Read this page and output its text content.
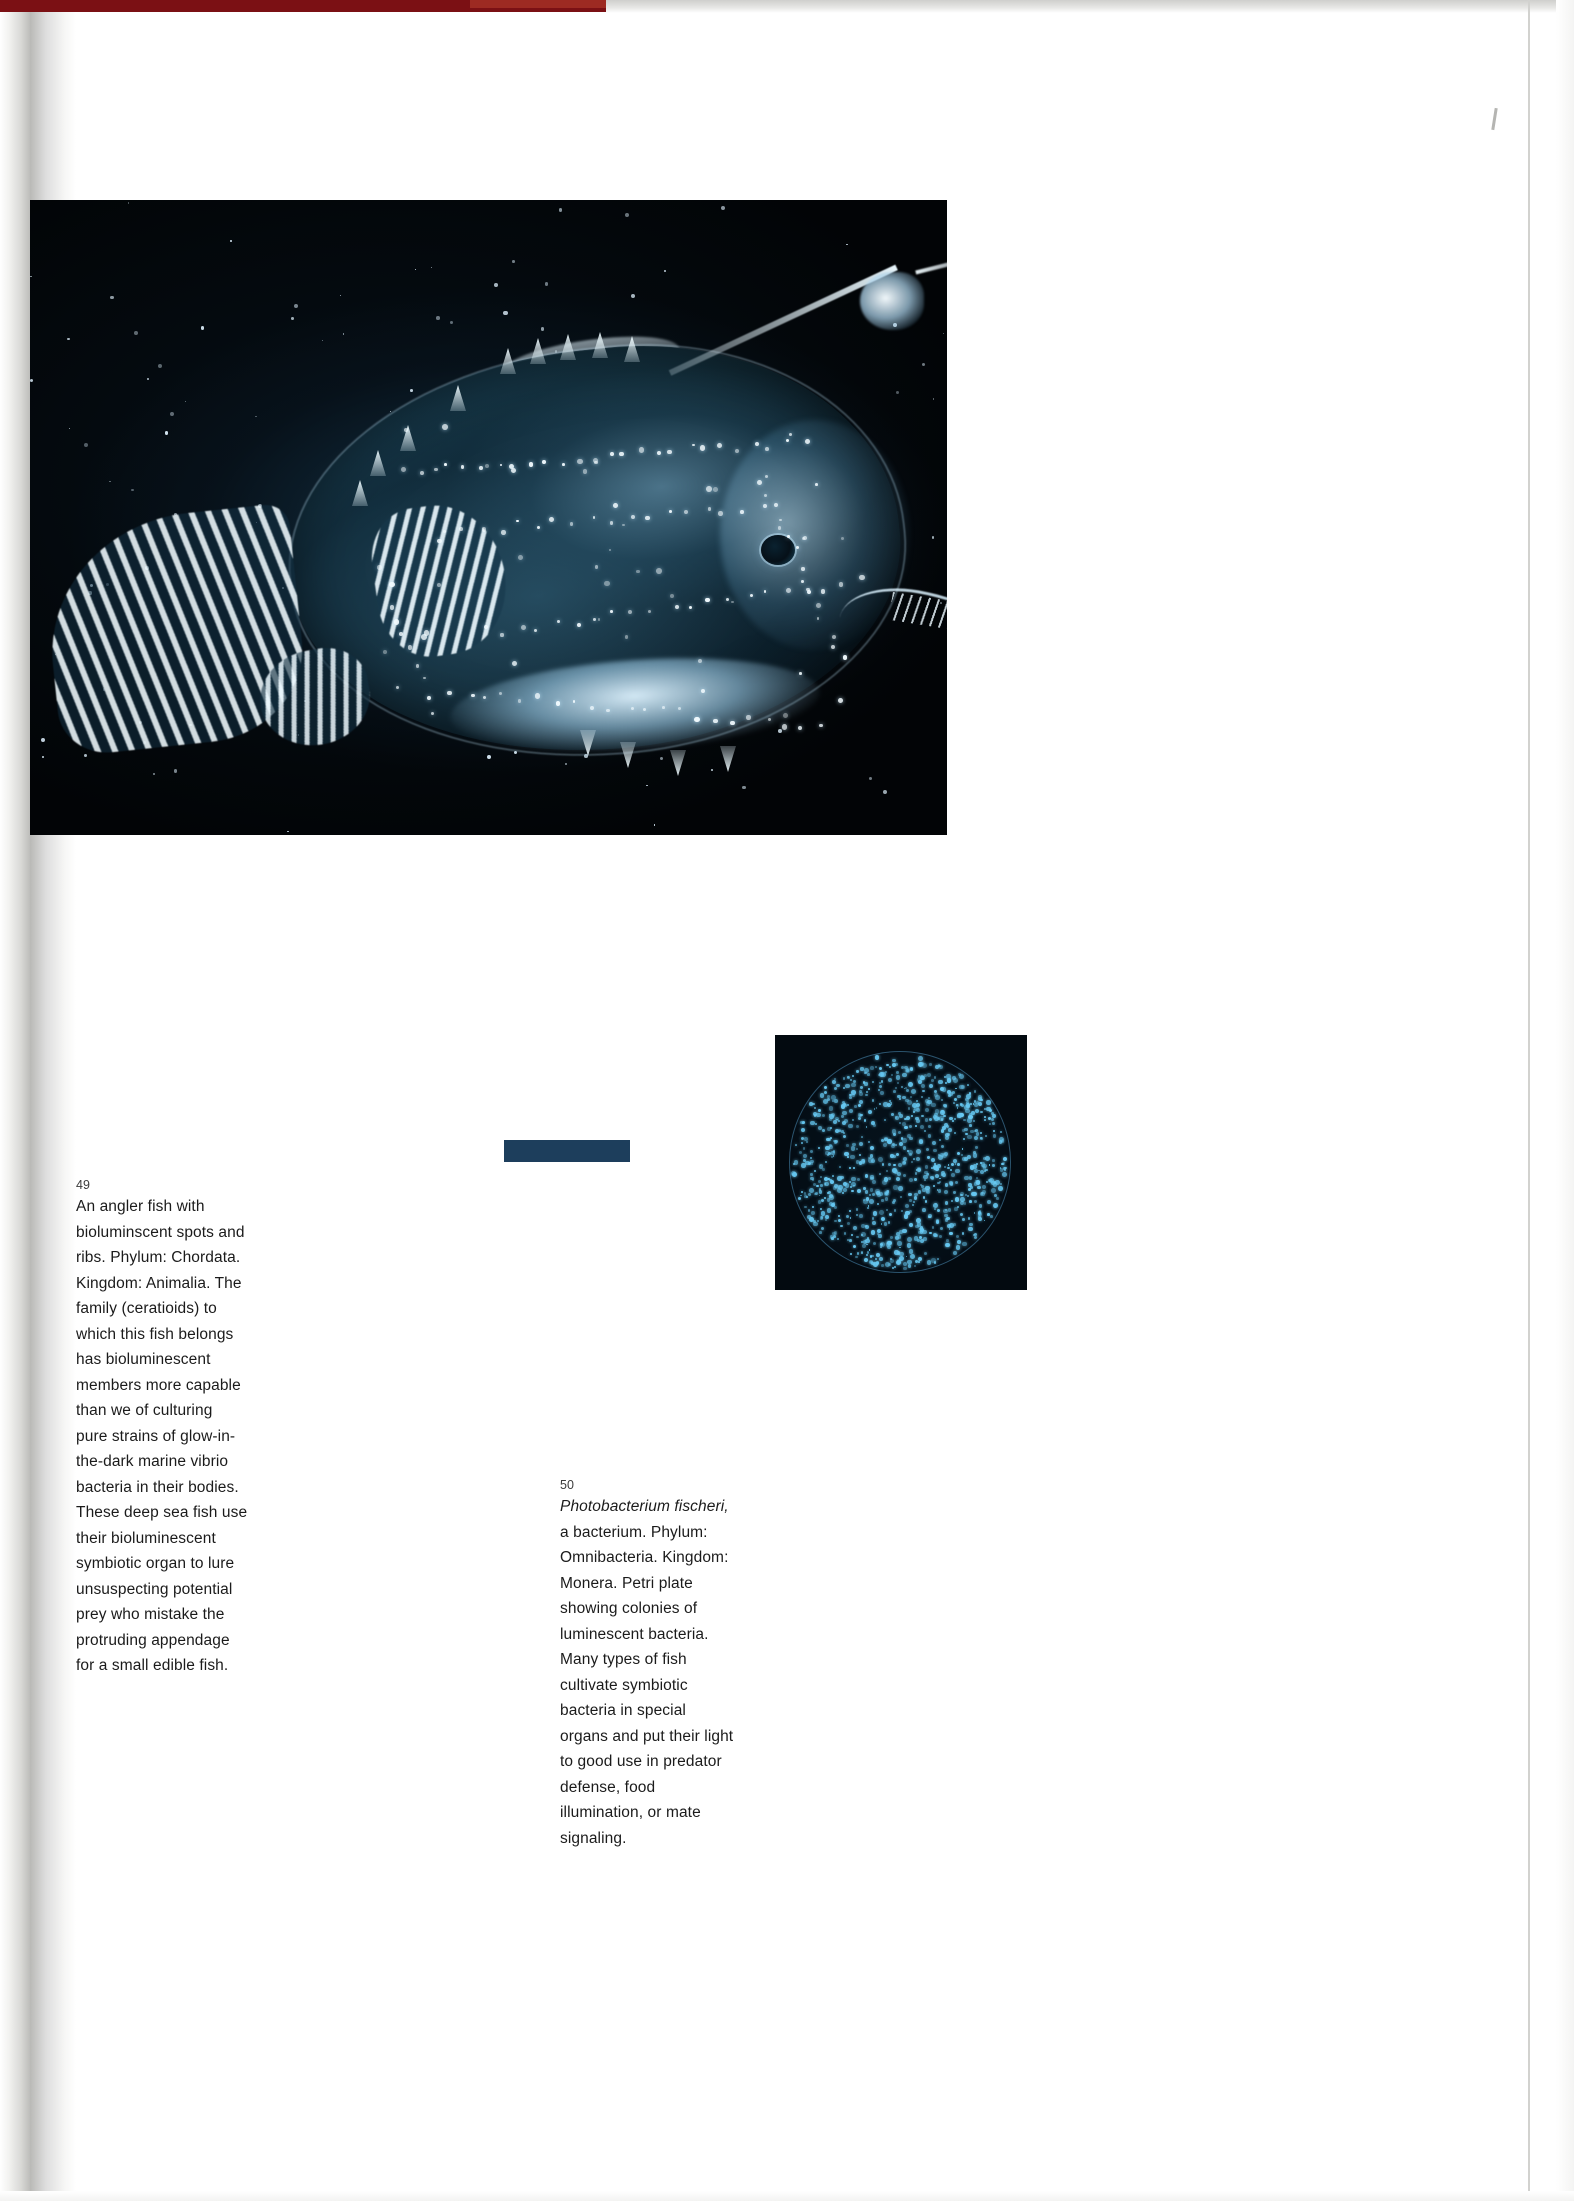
49
An angler fish with bioluminscent spots and ribs. Phylum: Chordata. Kingdom: Animalia. The family (ceratioids) to which this fish belongs has bioluminescent members more capable than we of culturing pure strains of glow-in-the-dark marine vibrio bacteria in their bodies. These deep sea fish use their bioluminescent symbiotic organ to lure unsuspecting potential prey who mistake the protruding appendage for a small edible fish.
50
Photobacterium fischeri, a bacterium. Phylum: Omnibacteria. Kingdom: Monera. Petri plate showing colonies of luminescent bacteria. Many types of fish cultivate symbiotic bacteria in special organs and put their light to good use in predator defense, food illumination, or mate signaling.
